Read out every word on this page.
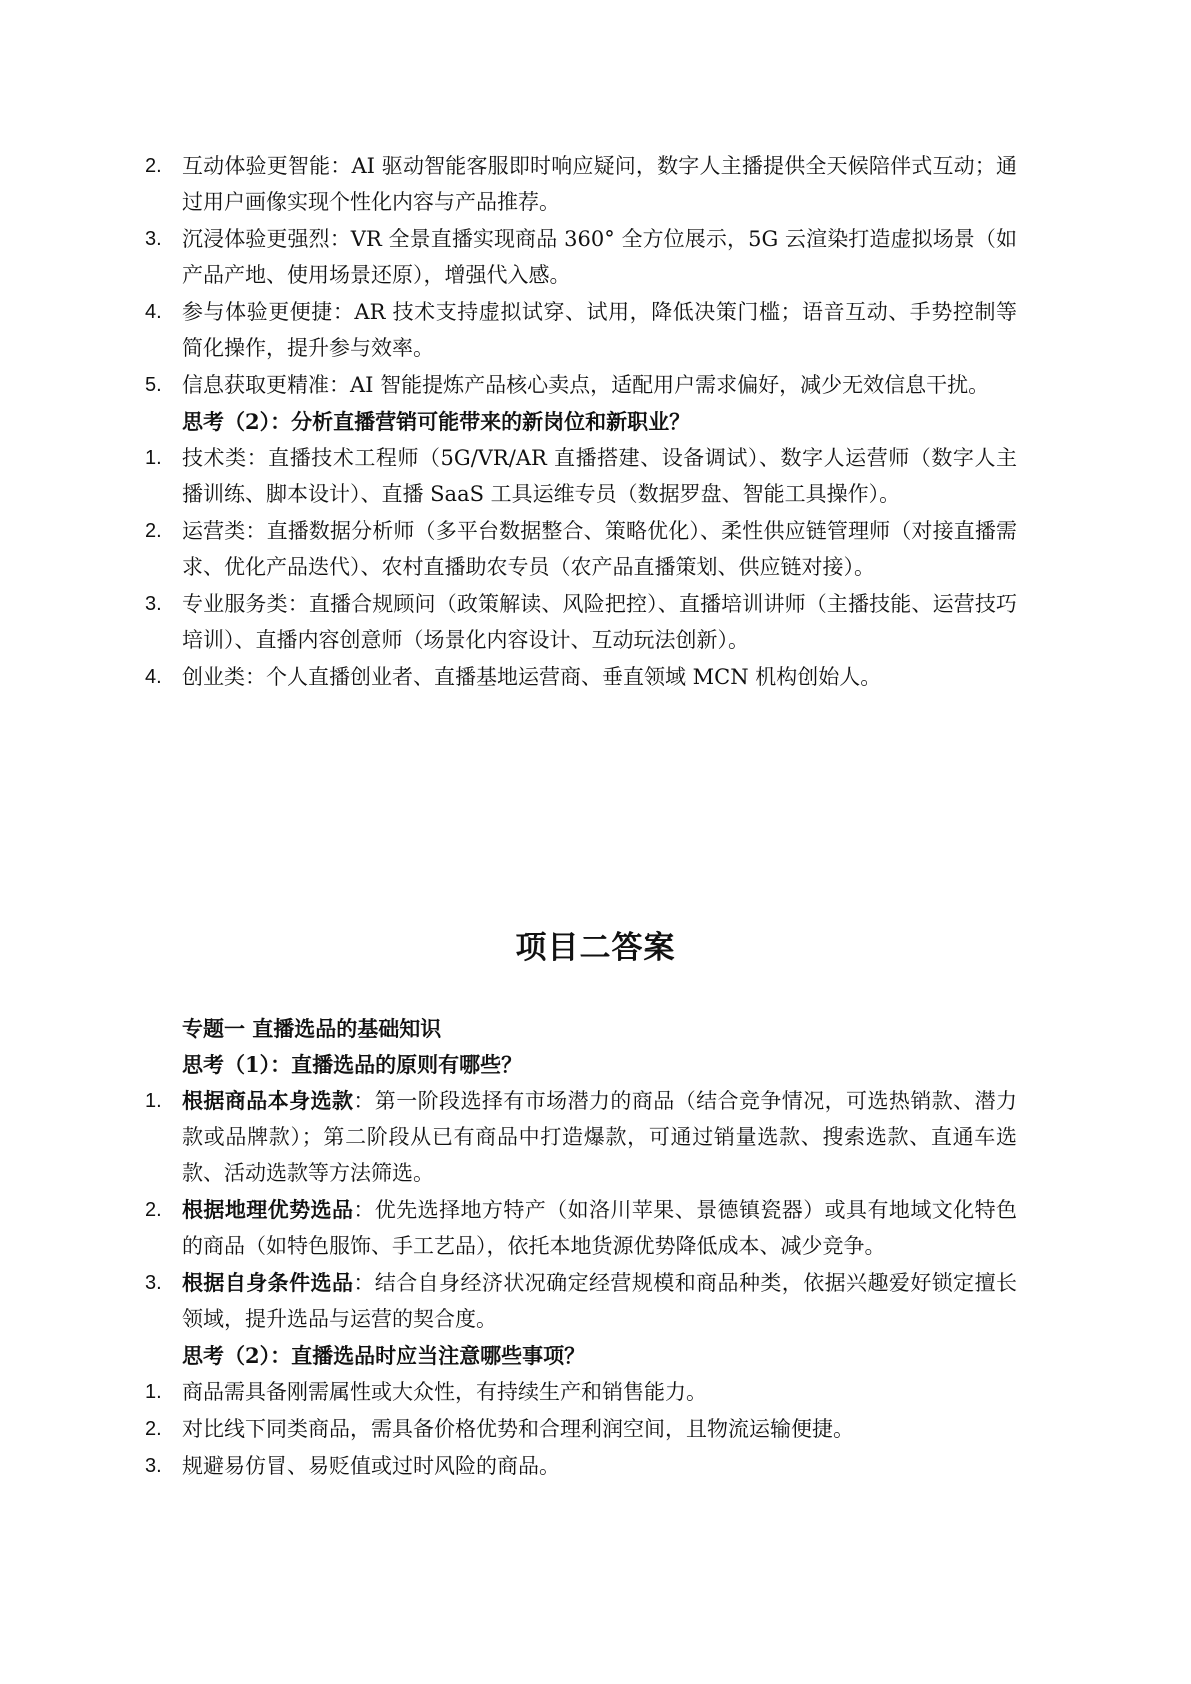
2. 互动体验更智能：AI 驱动智能客服即时响应疑问，数字人主播提供全天候陪伴式互动；通过用户画像实现个性化内容与产品推荐。
3. 沉浸体验更强烈：VR 全景直播实现商品 360° 全方位展示，5G 云渲染打造虚拟场景（如产品产地、使用场景还原），增强代入感。
4. 参与体验更便捷：AR 技术支持虚拟试穿、试用，降低决策门槛；语音互动、手势控制等简化操作，提升参与效率。
5. 信息获取更精准：AI 智能提炼产品核心卖点，适配用户需求偏好，减少无效信息干扰。
思考（2）：分析直播营销可能带来的新岗位和新职业？
1. 技术类：直播技术工程师（5G/VR/AR 直播搭建、设备调试）、数字人运营师（数字人主播训练、脚本设计）、直播 SaaS 工具运维专员（数据罗盘、智能工具操作）。
2. 运营类：直播数据分析师（多平台数据整合、策略优化）、柔性供应链管理师（对接直播需求、优化产品迭代）、农村直播助农专员（农产品直播策划、供应链对接）。
3. 专业服务类：直播合规顾问（政策解读、风险把控）、直播培训讲师（主播技能、运营技巧培训）、直播内容创意师（场景化内容设计、互动玩法创新）。
4. 创业类：个人直播创业者、直播基地运营商、垂直领域 MCN 机构创始人。
项目二答案
专题一 直播选品的基础知识
思考（1）：直播选品的原则有哪些？
1. 根据商品本身选款：第一阶段选择有市场潜力的商品（结合竞争情况，可选热销款、潜力款或品牌款）；第二阶段从已有商品中打造爆款，可通过销量选款、搜索选款、直通车选款、活动选款等方法筛选。
2. 根据地理优势选品：优先选择地方特产（如洛川苹果、景德镇瓷器）或具有地域文化特色的商品（如特色服饰、手工艺品），依托本地货源优势降低成本、减少竞争。
3. 根据自身条件选品：结合自身经济状况确定经营规模和商品种类，依据兴趣爱好锁定擅长领域，提升选品与运营的契合度。
思考（2）：直播选品时应当注意哪些事项？
1. 商品需具备刚需属性或大众性，有持续生产和销售能力。
2. 对比线下同类商品，需具备价格优势和合理利润空间，且物流运输便捷。
3. 规避易仿冒、易贬值或过时风险的商品。
